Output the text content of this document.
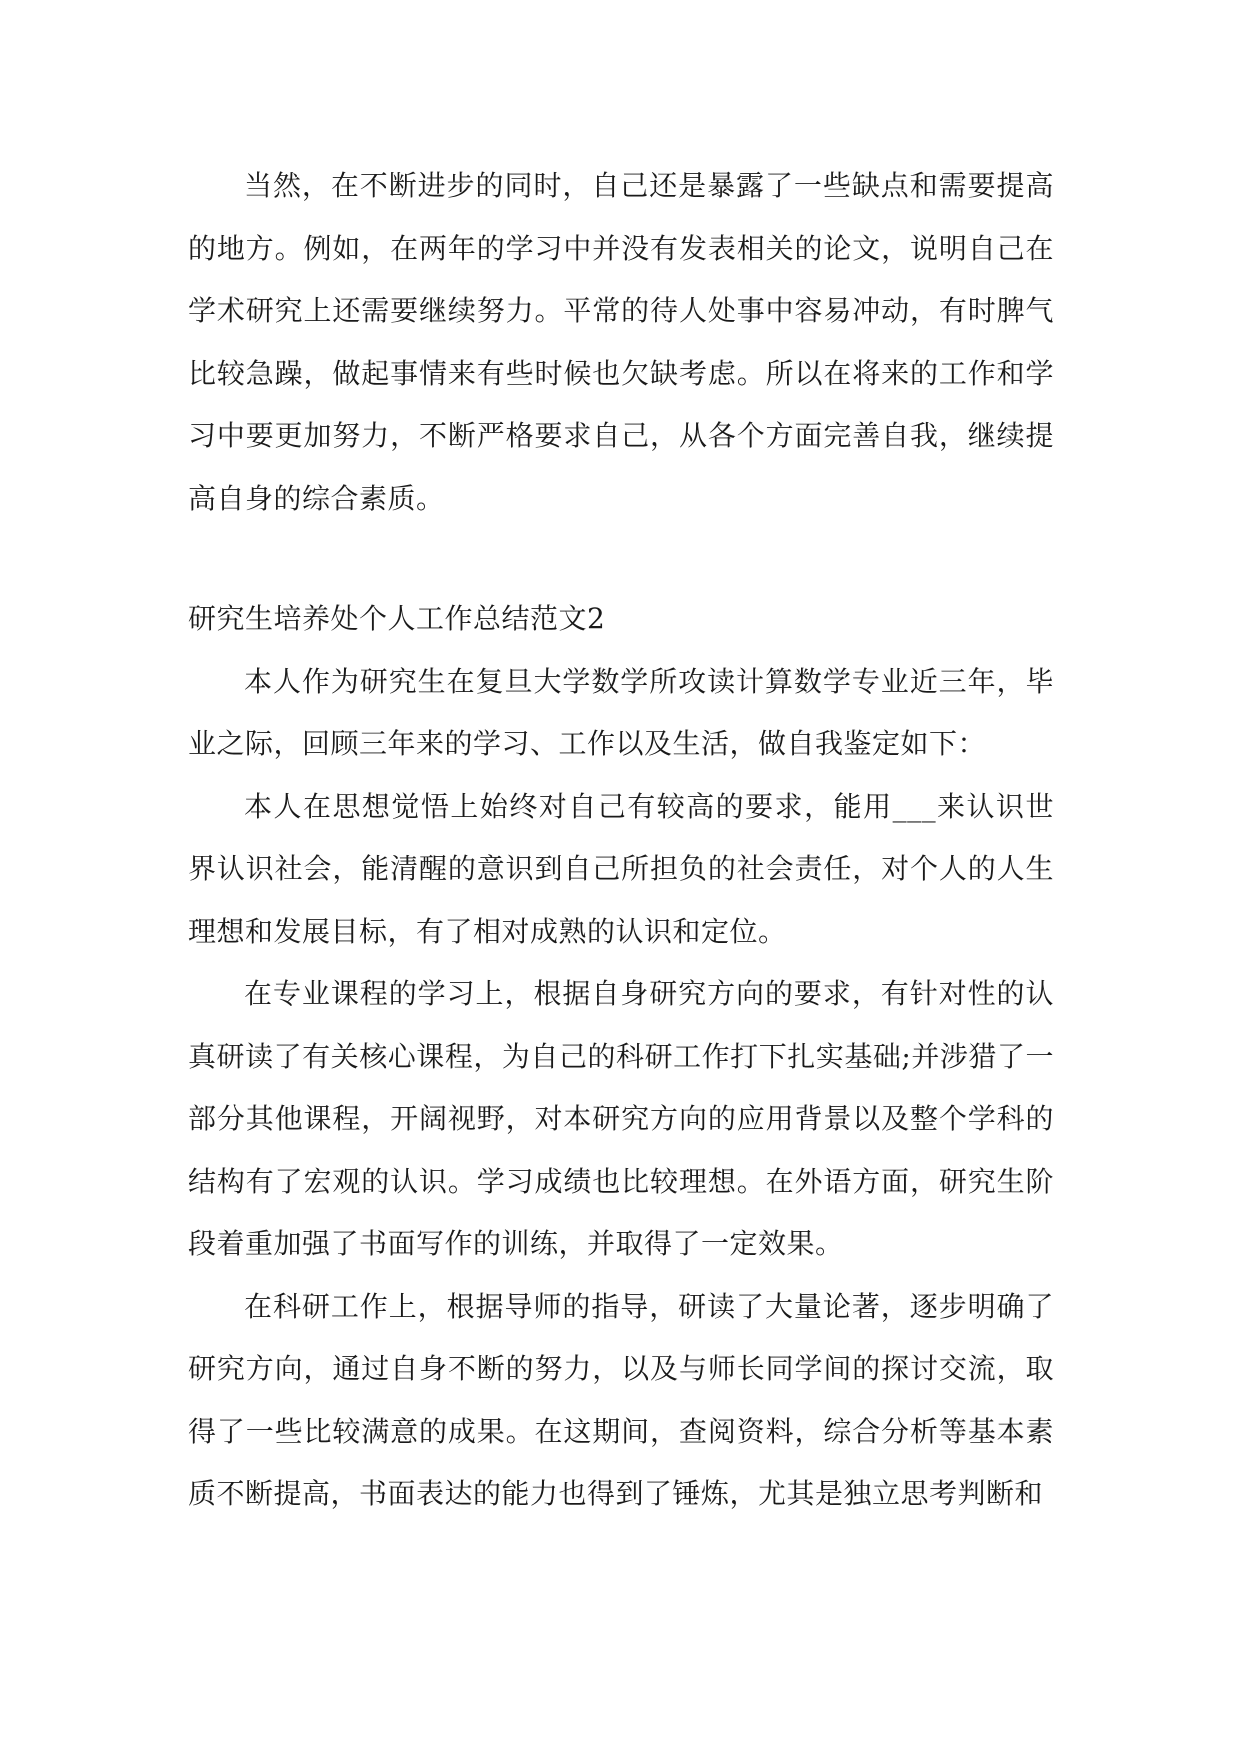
当然，在不断进步的同时，自己还是暴露了一些缺点和需要提高的地方。例如，在两年的学习中并没有发表相关的论文，说明自己在学术研究上还需要继续努力。平常的待人处事中容易冲动，有时脾气比较急躁，做起事情来有些时候也欠缺考虑。所以在将来的工作和学习中要更加努力，不断严格要求自己，从各个方面完善自我，继续提高自身的综合素质。

研究生培养处个人工作总结范文2

本人作为研究生在复旦大学数学所攻读计算数学专业近三年，毕业之际，回顾三年来的学习、工作以及生活，做自我鉴定如下：

本人在思想觉悟上始终对自己有较高的要求，能用___来认识世界认识社会，能清醒的意识到自己所担负的社会责任，对个人的人生理想和发展目标，有了相对成熟的认识和定位。

在专业课程的学习上，根据自身研究方向的要求，有针对性的认真研读了有关核心课程，为自己的科研工作打下扎实基础;并涉猎了一部分其他课程，开阔视野，对本研究方向的应用背景以及整个学科的结构有了宏观的认识。学习成绩也比较理想。在外语方面，研究生阶段着重加强了书面写作的训练，并取得了一定效果。

在科研工作上，根据导师的指导，研读了大量论著，逐步明确了研究方向，通过自身不断的努力，以及与师长同学间的探讨交流，取得了一些比较满意的成果。在这期间，查阅资料，综合分析等基本素质不断提高，书面表达的能力也得到了锤炼，尤其是独立思考判断和
